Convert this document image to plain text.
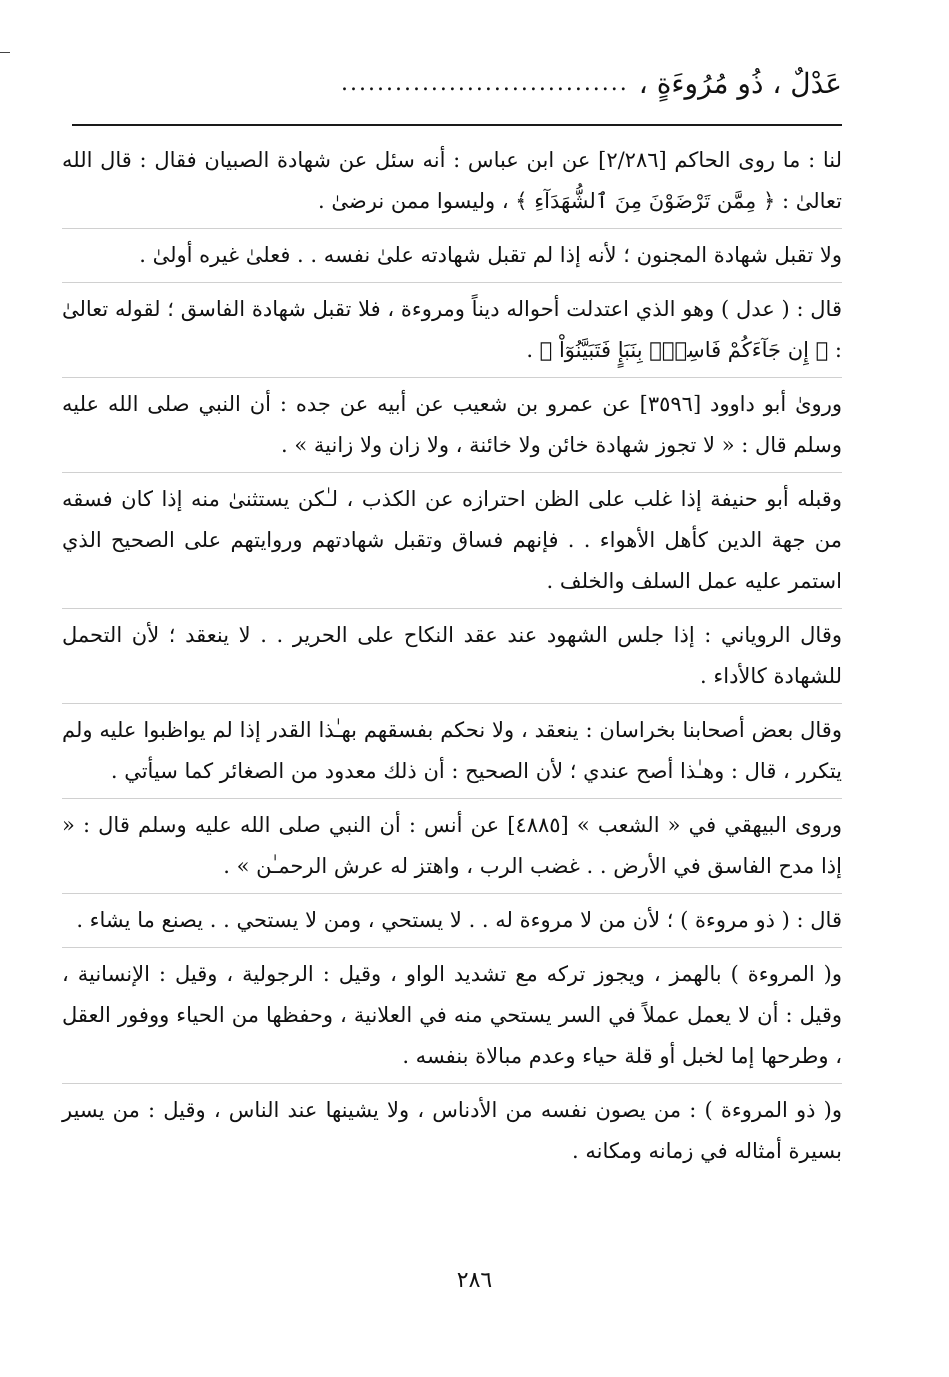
عَدْلٌ ، ذُو مُرُوءَةٍ ،
................................

لنا : ما روى الحاكم [٢/٢٨٦] عن ابن عباس : أنه سئل عن شهادة الصبيان فقال : قال الله تعالىٰ : ﴿ مِمَّن تَرْضَوْنَ مِنَ ٱلشُّهَدَآءِ ﴾ ، وليسوا ممن نرضىٰ .

ولا تقبل شهادة المجنون ؛ لأنه إذا لم تقبل شهادته علىٰ نفسه . . فعلىٰ غيره أولىٰ .

قال : ( عدل ) وهو الذي اعتدلت أحواله ديناً ومروءة ، فلا تقبل شهادة الفاسق ؛ لقوله تعالىٰ : ﴿ إِن جَآءَكُمْ فَاسِقُۢ بِنَبَإٍ فَتَبَيَّنُوٓاْ ﴾ .

وروىٰ أبو داوود [٣٥٩٦] عن عمرو بن شعيب عن أبيه عن جده : أن النبي صلى الله عليه وسلم قال : « لا تجوز شهادة خائن ولا خائنة ، ولا زان ولا زانية » .

وقبله أبو حنيفة إذا غلب على الظن احترازه عن الكذب ، لـٰكن يستثنىٰ منه إذا كان فسقه من جهة الدين كأهل الأهواء . . فإنهم فساق وتقبل شهادتهم وروايتهم على الصحيح الذي استمر عليه عمل السلف والخلف .

وقال الروياني : إذا جلس الشهود عند عقد النكاح على الحرير . . لا ينعقد ؛ لأن التحمل للشهادة كالأداء .

وقال بعض أصحابنا بخراسان : ينعقد ، ولا نحكم بفسقهم بهـٰذا القدر إذا لم يواظبوا عليه ولم يتكرر ، قال : وهـٰذا أصح عندي ؛ لأن الصحيح : أن ذلك معدود من الصغائر كما سيأتي .

وروى البيهقي في « الشعب » [٤٨٨٥] عن أنس : أن النبي صلى الله عليه وسلم قال : « إذا مدح الفاسق في الأرض . . غضب الرب ، واهتز له عرش الرحمـٰن » .

قال : ( ذو مروءة ) ؛ لأن من لا مروءة له . . لا يستحي ، ومن لا يستحي . . يصنع ما يشاء .

و( المروءة ) بالهمز ، ويجوز تركه مع تشديد الواو ، وقيل : الرجولية ، وقيل : الإنسانية ، وقيل : أن لا يعمل عملاً في السر يستحي منه في العلانية ، وحفظها من الحياء ووفور العقل ، وطرحها إما لخبل أو قلة حياء وعدم مبالاة بنفسه .

و( ذو المروءة ) : من يصون نفسه من الأدناس ، ولا يشينها عند الناس ، وقيل : من يسير بسيرة أمثاله في زمانه ومكانه .

٢٨٦
